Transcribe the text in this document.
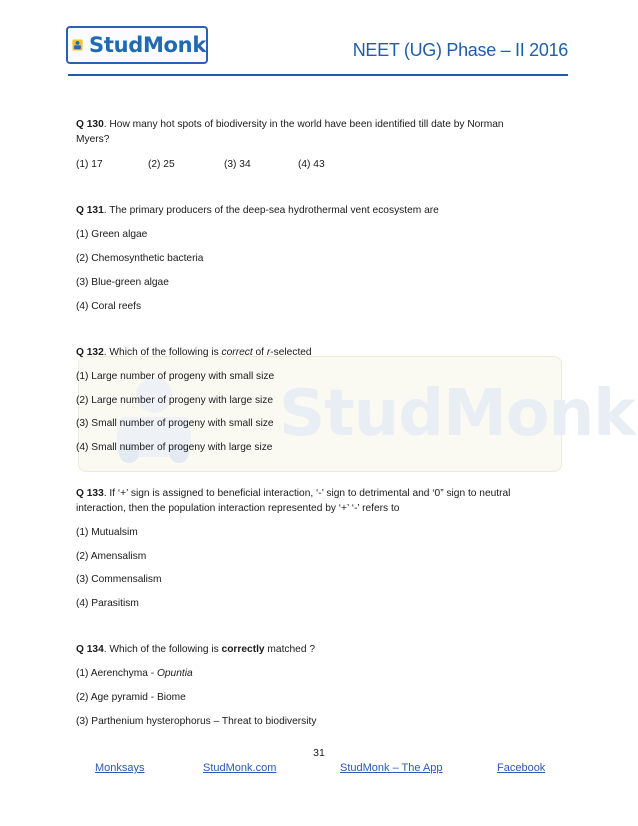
StudMonk	NEET (UG) Phase – II 2016
StudMonk
Q 130. How many hot spots of biodiversity in the world have been identified till date by Norman
Myers?
(1) 17	(2) 25	(3) 34	(4) 43
Q 131. The primary producers of the deep-sea hydrothermal vent ecosystem are
(1) Green algae
(2) Chemosynthetic bacteria
(3) Blue-green algae
(4) Coral reefs
Q 132. Which of the following is correct of r-selected
(1) Large number of progeny with small size
(2) Large number of progeny with large size
(3) Small number of progeny with small size
(4) Small number of progeny with large size
Q 133. If ‘+’ sign is assigned to beneficial interaction, ‘-’ sign to detrimental and ‘0” sign to neutral
interaction, then the population interaction represented by ‘+’ ‘-’ refers to
(1) Mutualsim
(2) Amensalism
(3) Commensalism
(4) Parasitism
Q 134. Which of the following is correctly matched ?
(1) Aerenchyma - Opuntia
(2) Age pyramid - Biome
(3) Parthenium hysterophorus – Threat to biodiversity
31
Monksays	StudMonk.com	StudMonk – The App	Facebook
